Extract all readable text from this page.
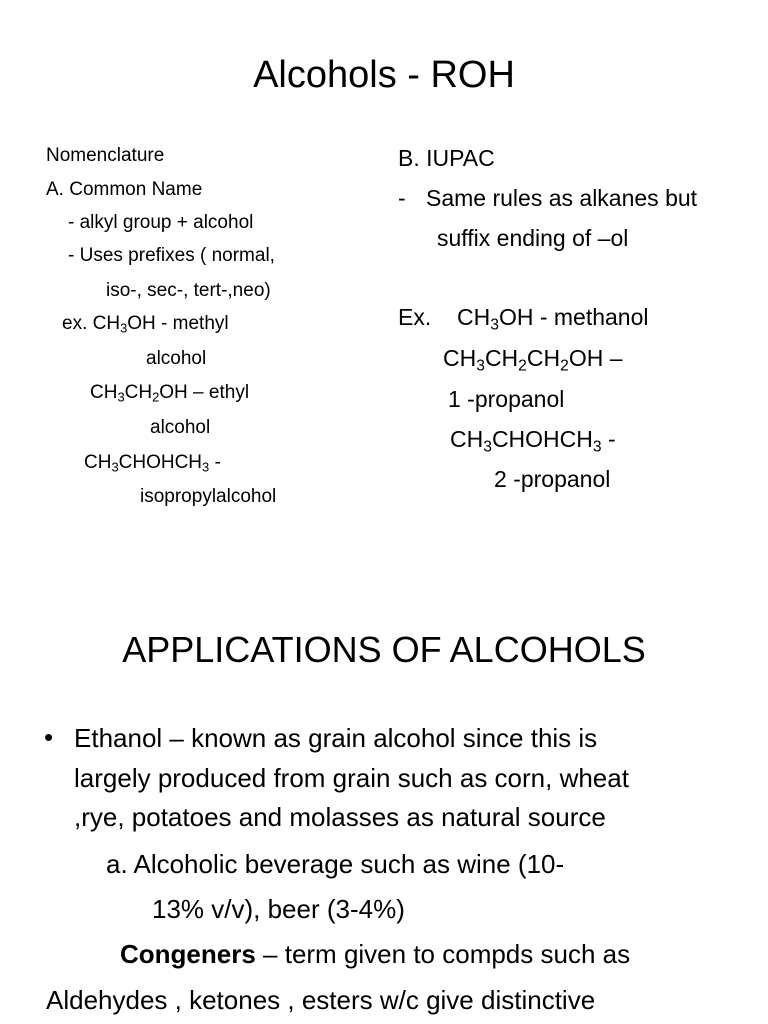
Alcohols - ROH
Nomenclature
A. Common Name
- alkyl group + alcohol
- Uses prefixes ( normal,
iso-, sec-, tert-,neo)
ex. $CH_3OH$ - methyl
alcohol
$CH_3CH_2OH$ – ethyl
alcohol
$CH_3CHOHCH_3$ -
isopropylalcohol
B. IUPAC
- Same rules as alkanes but
suffix ending of –ol
Ex. $CH_3OH$ - methanol
$CH_3CH_2CH_2OH$ –
1 -propanol
$CH_3CHOHCH_3$ -
2 -propanol
APPLICATIONS OF ALCOHOLS
• Ethanol – known as grain alcohol since this is
largely produced from grain such as corn, wheat
,rye, potatoes and molasses as natural source
a. Alcoholic beverage such as wine (10-
13% v/v), beer (3-4%)
Congeners – term given to compds such as
Aldehydes , ketones , esters w/c give distinctive
